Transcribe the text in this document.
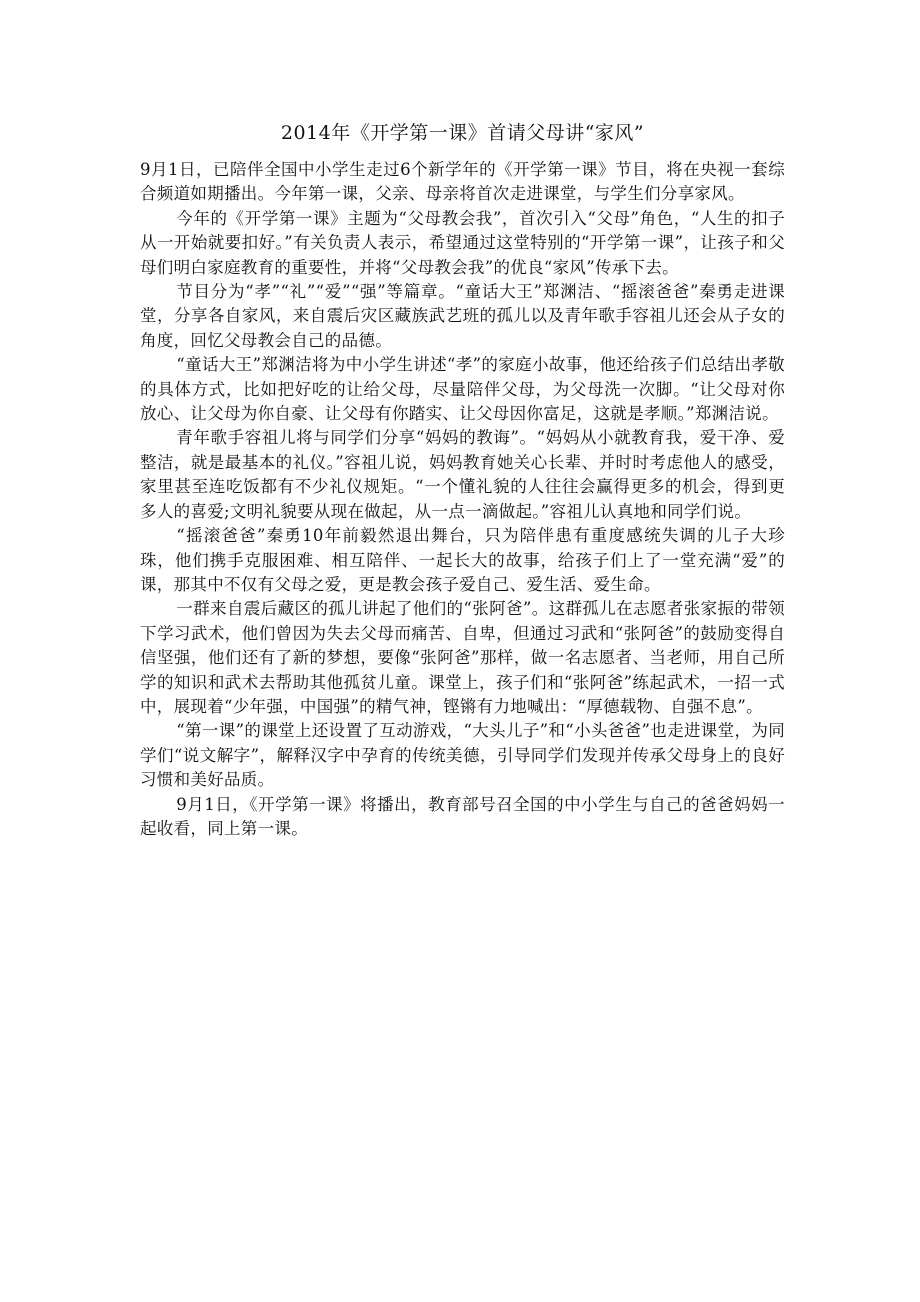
2014年《开学第一课》首请父母讲“家风”

9月1日，已陪伴全国中小学生走过6个新学年的《开学第一课》节目，将在央视一套综合频道如期播出。今年第一课，父亲、母亲将首次走进课堂，与学生们分享家风。

今年的《开学第一课》主题为“父母教会我”，首次引入“父母”角色，“人生的扣子从一开始就要扣好。”有关负责人表示，希望通过这堂特别的“开学第一课”，让孩子和父母们明白家庭教育的重要性，并将“父母教会我”的优良“家风”传承下去。

节目分为“孝”“礼”“爱”“强”等篇章。“童话大王”郑渊洁、“摇滚爸爸”秦勇走进课堂，分享各自家风，来自震后灾区藏族武艺班的孤儿以及青年歌手容祖儿还会从子女的角度，回忆父母教会自己的品德。

“童话大王”郑渊洁将为中小学生讲述“孝”的家庭小故事，他还给孩子们总结出孝敬的具体方式，比如把好吃的让给父母，尽量陪伴父母，为父母洗一次脚。“让父母对你放心、让父母为你自豪、让父母有你踏实、让父母因你富足，这就是孝顺。”郑渊洁说。

青年歌手容祖儿将与同学们分享“妈妈的教诲”。“妈妈从小就教育我，爱干净、爱整洁，就是最基本的礼仪。”容祖儿说，妈妈教育她关心长辈、并时时考虑他人的感受，家里甚至连吃饭都有不少礼仪规矩。“一个懂礼貌的人往往会赢得更多的机会，得到更多人的喜爱;文明礼貌要从现在做起，从一点一滴做起。”容祖儿认真地和同学们说。

“摇滚爸爸”秦勇10年前毅然退出舞台，只为陪伴患有重度感统失调的儿子大珍珠，他们携手克服困难、相互陪伴、一起长大的故事，给孩子们上了一堂充满“爱”的课，那其中不仅有父母之爱，更是教会孩子爱自己、爱生活、爱生命。

一群来自震后藏区的孤儿讲起了他们的“张阿爸”。这群孤儿在志愿者张家振的带领下学习武术，他们曾因为失去父母而痛苦、自卑，但通过习武和“张阿爸”的鼓励变得自信坚强，他们还有了新的梦想，要像“张阿爸”那样，做一名志愿者、当老师，用自己所学的知识和武术去帮助其他孤贫儿童。课堂上，孩子们和“张阿爸”练起武术，一招一式中，展现着“少年强，中国强”的精气神，铿锵有力地喊出：“厚德载物、自强不息”。

“第一课”的课堂上还设置了互动游戏，“大头儿子”和“小头爸爸”也走进课堂，为同学们“说文解字”，解释汉字中孕育的传统美德，引导同学们发现并传承父母身上的良好习惯和美好品质。

9月1日，《开学第一课》将播出，教育部号召全国的中小学生与自己的爸爸妈妈一起收看，同上第一课。
